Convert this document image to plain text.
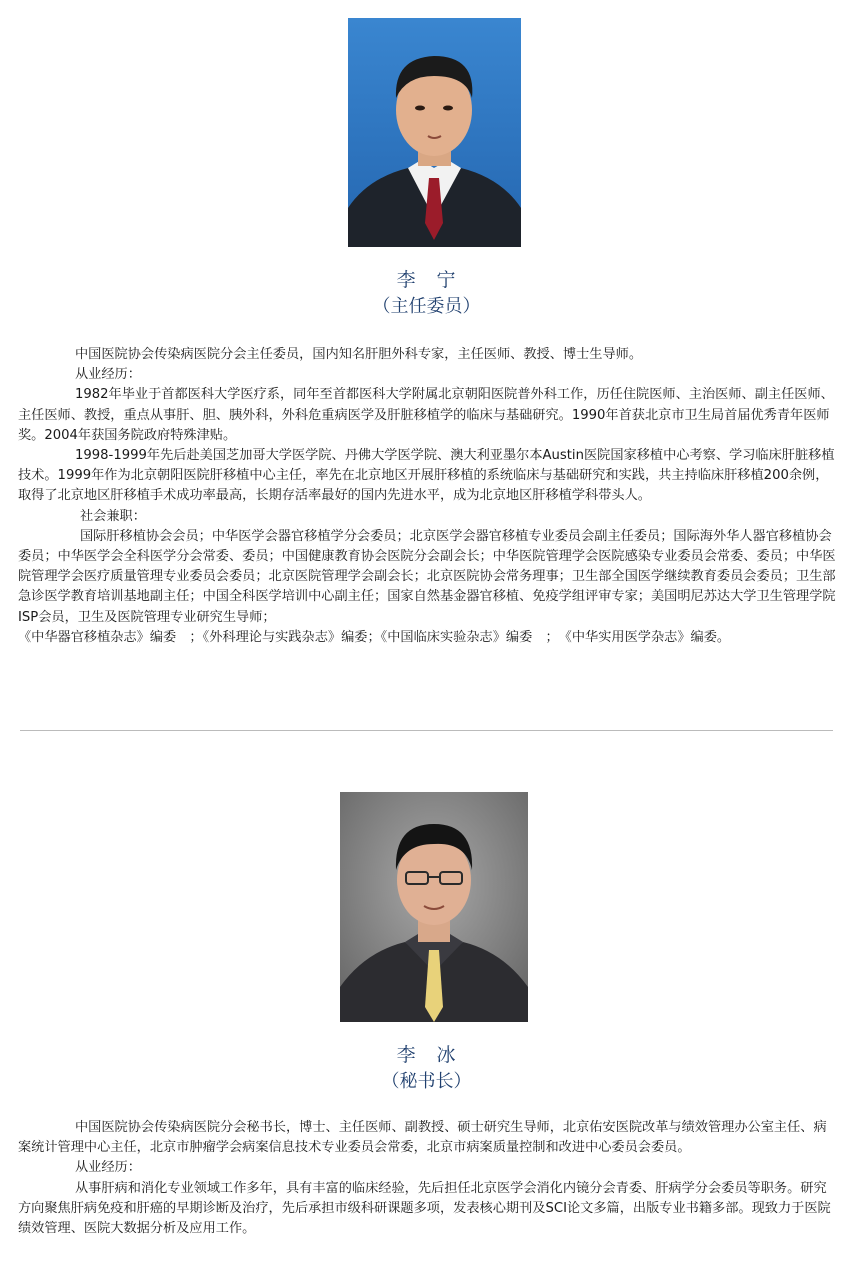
李　宁
（主任委员）

中国医院协会传染病医院分会主任委员，国内知名肝胆外科专家，主任医师、教授、博士生导师。

从业经历：

1982年毕业于首都医科大学医疗系，同年至首都医科大学附属北京朝阳医院普外科工作，历任住院医师、主治医师、副主任医师、主任医师、教授，重点从事肝、胆、胰外科，外科危重病医学及肝脏移植学的临床与基础研究。1990年首获北京市卫生局首届优秀青年医师奖。2004年获国务院政府特殊津贴。

1998-1999年先后赴美国芝加哥大学医学院、丹佛大学医学院、澳大利亚墨尔本Austin医院国家移植中心考察、学习临床肝脏移植技术。1999年作为北京朝阳医院肝移植中心主任，率先在北京地区开展肝移植的系统临床与基础研究和实践，共主持临床肝移植200余例，取得了北京地区肝移植手术成功率最高，长期存活率最好的国内先进水平，成为北京地区肝移植学科带头人。

社会兼职：

国际肝移植协会会员；中华医学会器官移植学分会委员；北京医学会器官移植专业委员会副主任委员；国际海外华人器官移植协会委员；中华医学会全科医学分会常委、委员；中国健康教育协会医院分会副会长；中华医院管理学会医院感染专业委员会常委、委员；中华医院管理学会医疗质量管理专业委员会委员；北京医院管理学会副会长；北京医院协会常务理事；卫生部全国医学继续教育委员会委员；卫生部急诊医学教育培训基地副主任；中国全科医学培训中心副主任；国家自然基金器官移植、免疫学组评审专家；美国明尼苏达大学卫生管理学院ISP会员，卫生及医院管理专业研究生导师；

《中华器官移植杂志》编委　；《外科理论与实践杂志》编委；《中国临床实验杂志》编委　；　《中华实用医学杂志》编委。

李　冰
（秘书长）

中国医院协会传染病医院分会秘书长，博士、主任医师、副教授、硕士研究生导师，北京佑安医院改革与绩效管理办公室主任、病案统计管理中心主任，北京市肿瘤学会病案信息技术专业委员会常委，北京市病案质量控制和改进中心委员会委员。

从业经历：

从事肝病和消化专业领域工作多年，具有丰富的临床经验，先后担任北京医学会消化内镜分会青委、肝病学分会委员等职务。研究方向聚焦肝病免疫和肝癌的早期诊断及治疗，先后承担市级科研课题多项，发表核心期刊及SCI论文多篇，出版专业书籍多部。现致力于医院绩效管理、医院大数据分析及应用工作。
